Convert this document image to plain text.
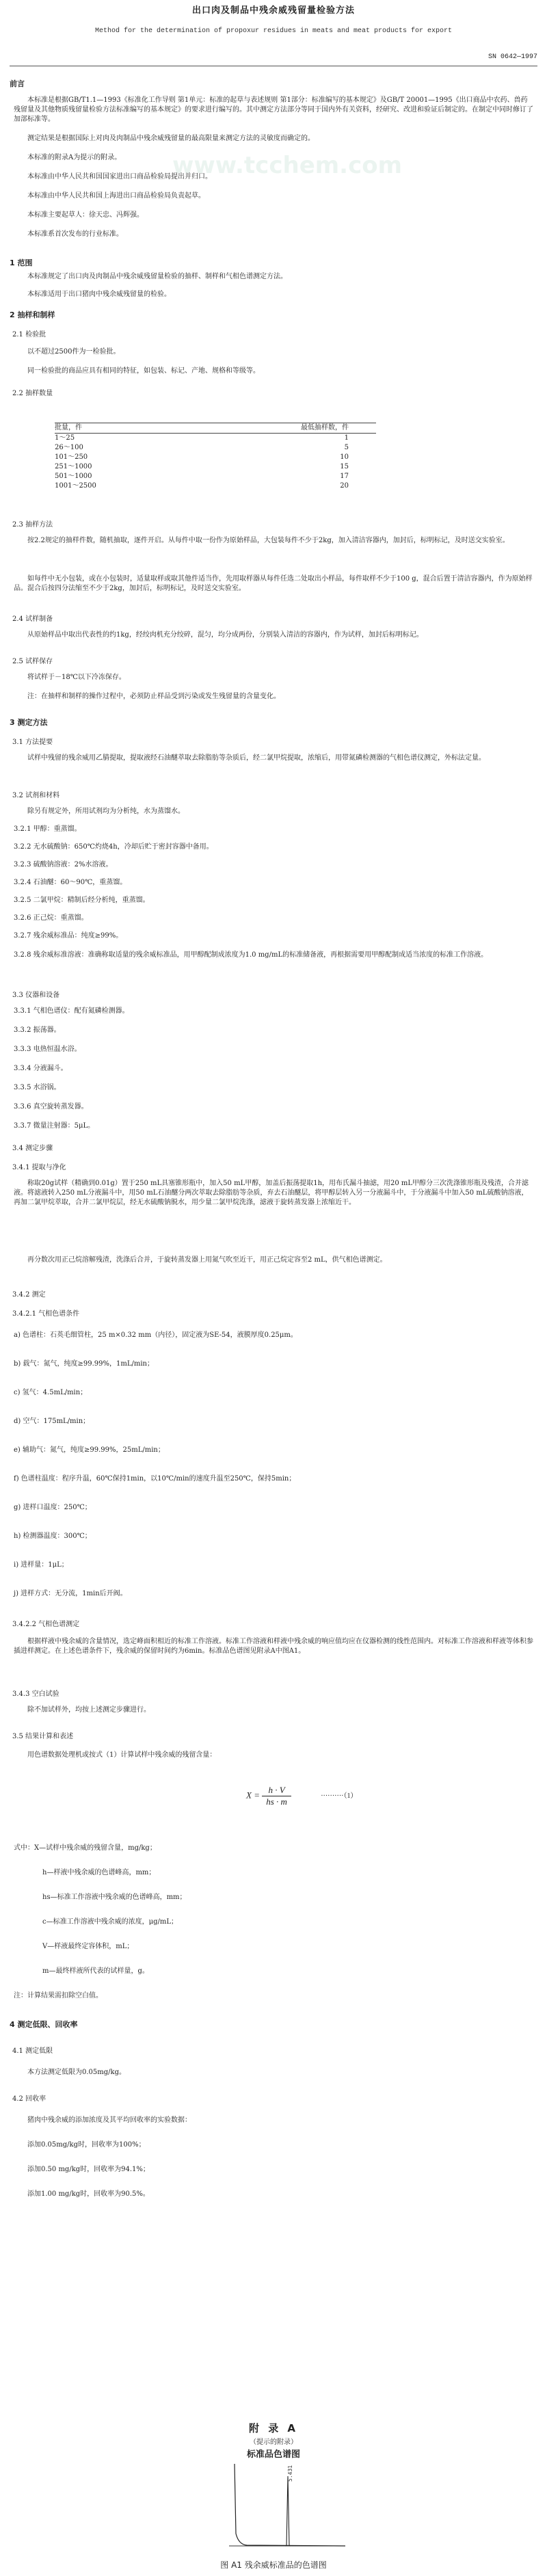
出口肉及制品中残余威残留量检验方法
Method for the determination of propoxur residues in meats and meat products for export
SN 0642—1997
www.tcchem.com
前言
本标准是根据GB/T1.1—1993《标准化工作导则 第1单元：标准的起草与表述规则 第1部分：标准编写的基本规定》及GB/T 20001—1995《出口商品中农药、兽药残留量及其他物质残留量检验方法标准编写的基本规定》的要求进行编写的。其中测定方法部分等同于国内外有关资料，经研究、改进和验证后制定的。在制定中同时修订了加部标准等。
测定结果是根据国际上对肉及肉制品中残余威残留量的最高限量来测定方法的灵敏度而确定的。
本标准的附录A为提示的附录。
本标准由中华人民共和国国家进出口商品检验局提出并归口。
本标准由中华人民共和国上海进出口商品检验局负责起草。
本标准主要起草人：徐天忠、冯辉强。
本标准系首次发布的行业标准。
1 范围
本标准规定了出口肉及肉制品中残余威残留量检验的抽样、制样和气相色谱测定方法。
本标准适用于出口猪肉中残余威残留量的检验。
2 抽样和制样
2.1 检验批
以不超过2500件为一检验批。
同一检验批的商品应具有相同的特征，如包装、标记、产地、规格和等级等。
2.2 抽样数量
批量，件	最低抽样数，件
1～25	1
26～100	5
101～250	10
251～1000	15
501～1000	17
1001～2500	20
2.3 抽样方法
按2.2规定的抽样件数，随机抽取，逐件开启。从每件中取一份作为原始样品，大包装每件不少于2kg，加入清洁容器内，加封后，标明标记，及时送交实验室。
如每件中无小包装，或在小包装时，适量取样或取其他件适当作，先用取样器从每件任选二处取出小样品，每件取样不少于100 g，混合后置于清洁容器内，作为原始样品。混合后按四分法缩至不少于2kg，加封后，标明标记，及时送交实验室。
2.4 试样制备
从原始样品中取出代表性的约1kg，经绞肉机充分绞碎，混匀，均分成两份，分别装入清洁的容器内，作为试样，加封后标明标记。
2.5 试样保存
将试样于－18℃以下冷冻保存。
注：在抽样和制样的操作过程中，必须防止样品受到污染或发生残留量的含量变化。
3 测定方法
3.1 方法提要
试样中残留的残余威用乙腈提取，提取液经石油醚萃取去除脂肪等杂质后，经二氯甲烷提取，浓缩后，用带氮磷检测器的气相色谱仪测定，外标法定量。
3.2 试剂和材料
除另有规定外，所用试剂均为分析纯，水为蒸馏水。
3.2.1 甲醇：重蒸馏。
3.2.2 无水硫酸钠：650℃灼烧4h，冷却后贮于密封容器中备用。
3.2.3 硫酸钠溶液：2%水溶液。
3.2.4 石油醚：60～90℃，重蒸馏。
3.2.5 二氯甲烷：精制后经分析纯，重蒸馏。
3.2.6 正己烷：重蒸馏。
3.2.7 残余威标准品：纯度≥99%。
3.2.8 残余威标准溶液：准确称取适量的残余威标准品，用甲醇配制成浓度为1.0 mg/mL的标准储备液，再根据需要用甲醇配制成适当浓度的标准工作溶液。
3.3 仪器和设备
3.3.1 气相色谱仪：配有氮磷检测器。
3.3.2 振荡器。
3.3.3 电热恒温水浴。
3.3.4 分液漏斗。
3.3.5 水浴锅。
3.3.6 真空旋转蒸发器。
3.3.7 微量注射器：5μL。
3.4 测定步骤
3.4.1 提取与净化
称取20g试样（精确到0.01g）置于250 mL具塞锥形瓶中，加入50 mL甲醇，加盖后振荡提取1h，用布氏漏斗抽滤，用20 mL甲醇分三次洗涤锥形瓶及残渣，合并滤液。将滤液转入250 mL分液漏斗中，用50 mL石油醚分两次萃取去除脂肪等杂质，弃去石油醚层，将甲醇层转入另一分液漏斗中，于分液漏斗中加入50 mL硫酸钠溶液，再加二氯甲烷萃取，合并二氯甲烷层，经无水硫酸钠脱水，用少量二氯甲烷洗涤，滤液于旋转蒸发器上浓缩近干。
再分数次用正己烷溶解残渣，洗涤后合并，于旋转蒸发器上用氮气吹至近干，用正己烷定容至2 mL，供气相色谱测定。
3.4.2 测定
3.4.2.1 气相色谱条件
a) 色谱柱：石英毛细管柱，25 m×0.32 mm（内径），固定液为SE-54，液膜厚度0.25μm。
b) 载气：氮气，纯度≥99.99%，1mL/min；
c) 氢气：4.5mL/min；
d) 空气：175mL/min；
e) 辅助气：氮气，纯度≥99.99%，25mL/min；
f) 色谱柱温度：程序升温，60℃保持1min，以10℃/min的速度升温至250℃，保持5min；
g) 进样口温度：250℃；
h) 检测器温度：300℃；
i) 进样量：1μL；
j) 进样方式：无分流，1min后开阀。
3.4.2.2 气相色谱测定
根据样液中残余威的含量情况，选定峰面积相近的标准工作溶液。标准工作溶液和样液中残余威的响应值均应在仪器检测的线性范围内。对标准工作溶液和样液等体积参插进样测定。在上述色谱条件下，残余威的保留时间约为6min。标准品色谱图见附录A中图A1。
3.4.3 空白试验
除不加试样外，均按上述测定步骤进行。
3.5 结果计算和表述
用色谱数据处理机或按式（1）计算试样中残余威的残留含量：
$X = \frac{h \cdot V}{hs \cdot m}$	··········（1）
式中：X—试样中残余威的残留含量，mg/kg；
h—样液中残余威的色谱峰高，mm；
hs—标准工作溶液中残余威的色谱峰高，mm；
c—标准工作溶液中残余威的浓度，μg/mL；
V—样液最终定容体积，mL；
m—最终样液所代表的试样量，g。
注：计算结果需扣除空白值。
4 测定低限、回收率
4.1 测定低限
本方法测定低限为0.05mg/kg。
4.2 回收率
猪肉中残余威的添加浓度及其平均回收率的实验数据：
添加0.05mg/kg时，回收率为100%；
添加0.50 mg/kg时，回收率为94.1%；
添加1.00 mg/kg时，回收率为90.5%。
附 录 A
（提示的附录）
标准品色谱图
5.431
图 A1 残余威标准品的色谱图
